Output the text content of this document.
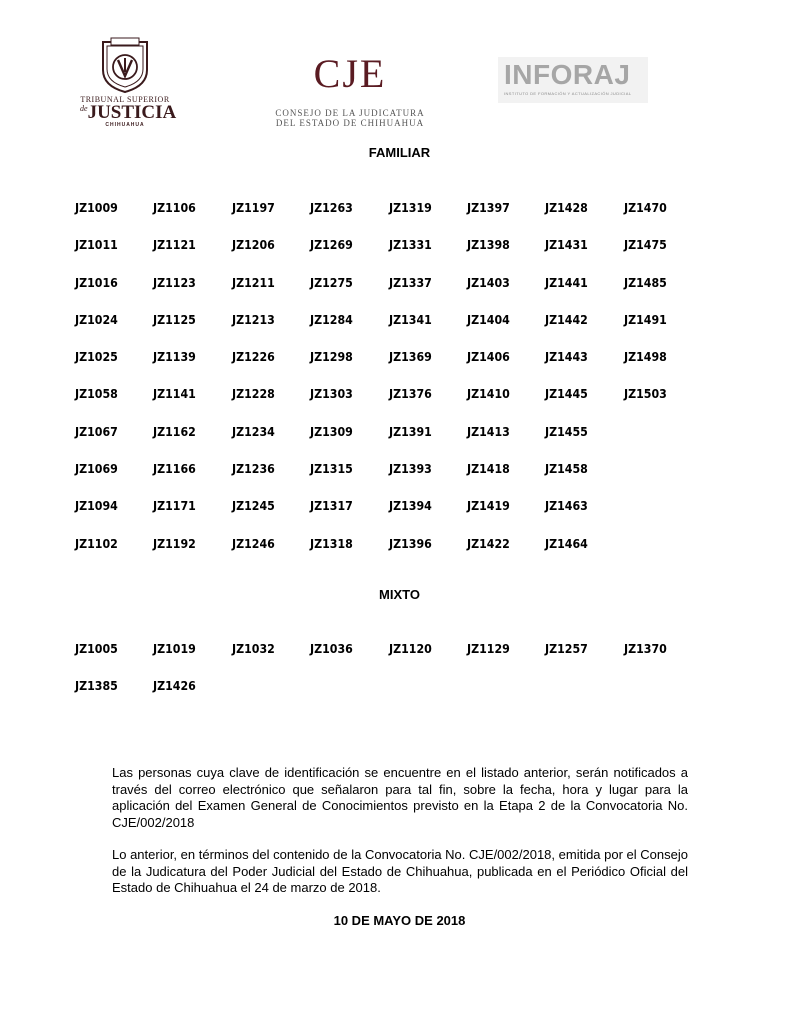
TRIBUNAL SUPERIOR
$^{de}$JUSTICIA
CHIHUAHUA
CJE
CONSEJO DE LA JUDICATURA
DEL ESTADO DE CHIHUAHUA
INFORAJ
INSTITUTO DE FORMACIÓN Y ACTUALIZACIÓN JUDICIAL
FAMILIAR
JZ1009	JZ1106	JZ1197	JZ1263	JZ1319	JZ1397	JZ1428	JZ1470
JZ1011	JZ1121	JZ1206	JZ1269	JZ1331	JZ1398	JZ1431	JZ1475
JZ1016	JZ1123	JZ1211	JZ1275	JZ1337	JZ1403	JZ1441	JZ1485
JZ1024	JZ1125	JZ1213	JZ1284	JZ1341	JZ1404	JZ1442	JZ1491
JZ1025	JZ1139	JZ1226	JZ1298	JZ1369	JZ1406	JZ1443	JZ1498
JZ1058	JZ1141	JZ1228	JZ1303	JZ1376	JZ1410	JZ1445	JZ1503
JZ1067	JZ1162	JZ1234	JZ1309	JZ1391	JZ1413	JZ1455
JZ1069	JZ1166	JZ1236	JZ1315	JZ1393	JZ1418	JZ1458
JZ1094	JZ1171	JZ1245	JZ1317	JZ1394	JZ1419	JZ1463
JZ1102	JZ1192	JZ1246	JZ1318	JZ1396	JZ1422	JZ1464
MIXTO
JZ1005	JZ1019	JZ1032	JZ1036	JZ1120	JZ1129	JZ1257	JZ1370
JZ1385	JZ1426
Las personas cuya clave de identificación se encuentre en el listado anterior, serán notificados a través del correo electrónico que señalaron para tal fin, sobre la fecha, hora y lugar para la aplicación del Examen General de Conocimientos previsto en la Etapa 2 de la Convocatoria No. CJE/002/2018
Lo anterior, en términos del contenido de la Convocatoria No. CJE/002/2018, emitida por el Consejo de la Judicatura del Poder Judicial del Estado de Chihuahua, publicada en el Periódico Oficial del Estado de Chihuahua el 24 de marzo de 2018.
10 DE MAYO DE 2018
